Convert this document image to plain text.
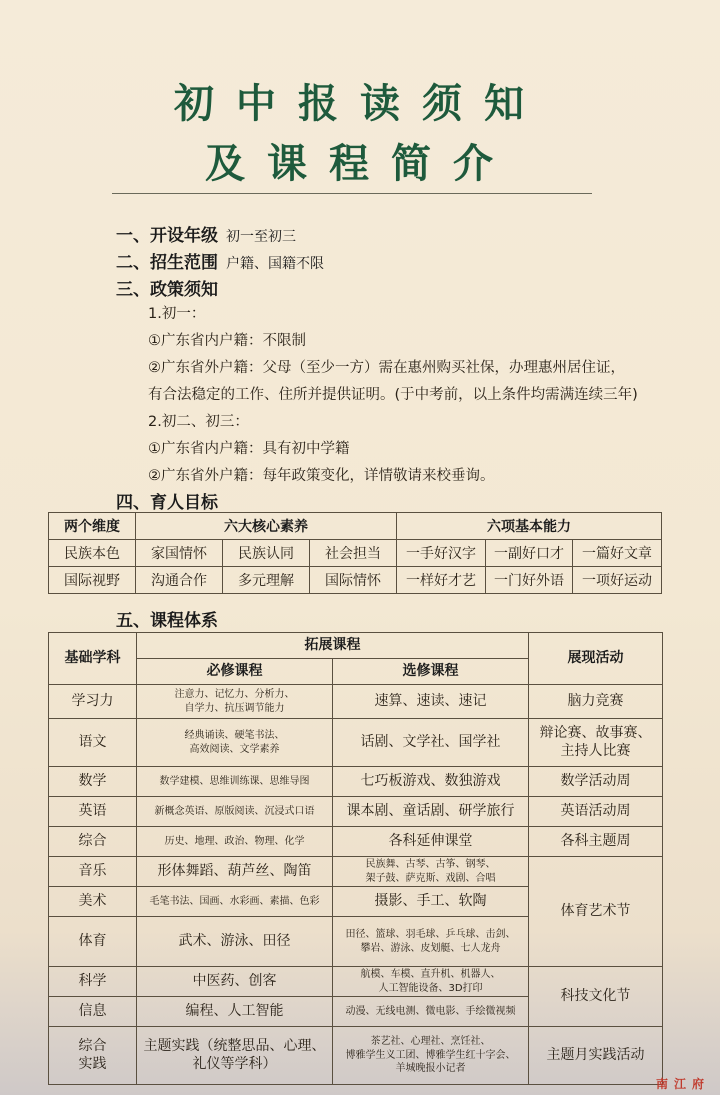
初中报读须知
及课程简介
一、开设年级 初一至初三
二、招生范围 户籍、国籍不限
三、政策须知
1.初一：
①广东省内户籍：不限制
②广东省外户籍：父母（至少一方）需在惠州购买社保，办理惠州居住证，
有合法稳定的工作、住所并提供证明。(于中考前，以上条件均需满连续三年)
2.初二、初三：
①广东省内户籍：具有初中学籍
②广东省外户籍：每年政策变化，详情敬请来校垂询。
四、育人目标
两个维度	六大核心素养			六项基本能力		
民族本色	家国情怀	民族认同	社会担当	一手好汉字	一副好口才	一篇好文章
国际视野	沟通合作	多元理解	国际情怀	一样好才艺	一门好外语	一项好运动
五、课程体系
基础学科	拓展课程		展现活动
	必修课程	选修课程	
学习力	注意力、记忆力、分析力、
自学力、抗压调节能力	速算、速读、速记	脑力竞赛
语文	经典诵读、硬笔书法、
高效阅读、文学素养	话剧、文学社、国学社	辩论赛、故事赛、
主持人比赛
数学	数学建模、思维训练课、思维导图	七巧板游戏、数独游戏	数学活动周
英语	新概念英语、原版阅读、沉浸式口语	课本剧、童话剧、研学旅行	英语活动周
综合	历史、地理、政治、物理、化学	各科延伸课堂	各科主题周
音乐	形体舞蹈、葫芦丝、陶笛	民族舞、古琴、古筝、钢琴、
架子鼓、萨克斯、戏剧、合唱	体育艺术节
美术	毛笔书法、国画、水彩画、素描、色彩	摄影、手工、软陶	
体育	武术、游泳、田径	田径、篮球、羽毛球、乒乓球、击剑、
攀岩、游泳、皮划艇、七人龙舟	
科学	中医药、创客	航模、车模、直升机、机器人、
人工智能设备、3D打印	科技文化节
信息	编程、人工智能	动漫、无线电测、微电影、手绘微视频	
综合
实践	主题实践（统整思品、心理、
礼仪等学科）	茶艺社、心理社、烹饪社、
博雅学生义工团、博雅学生红十字会、
羊城晚报小记者	主题月实践活动
南江府
